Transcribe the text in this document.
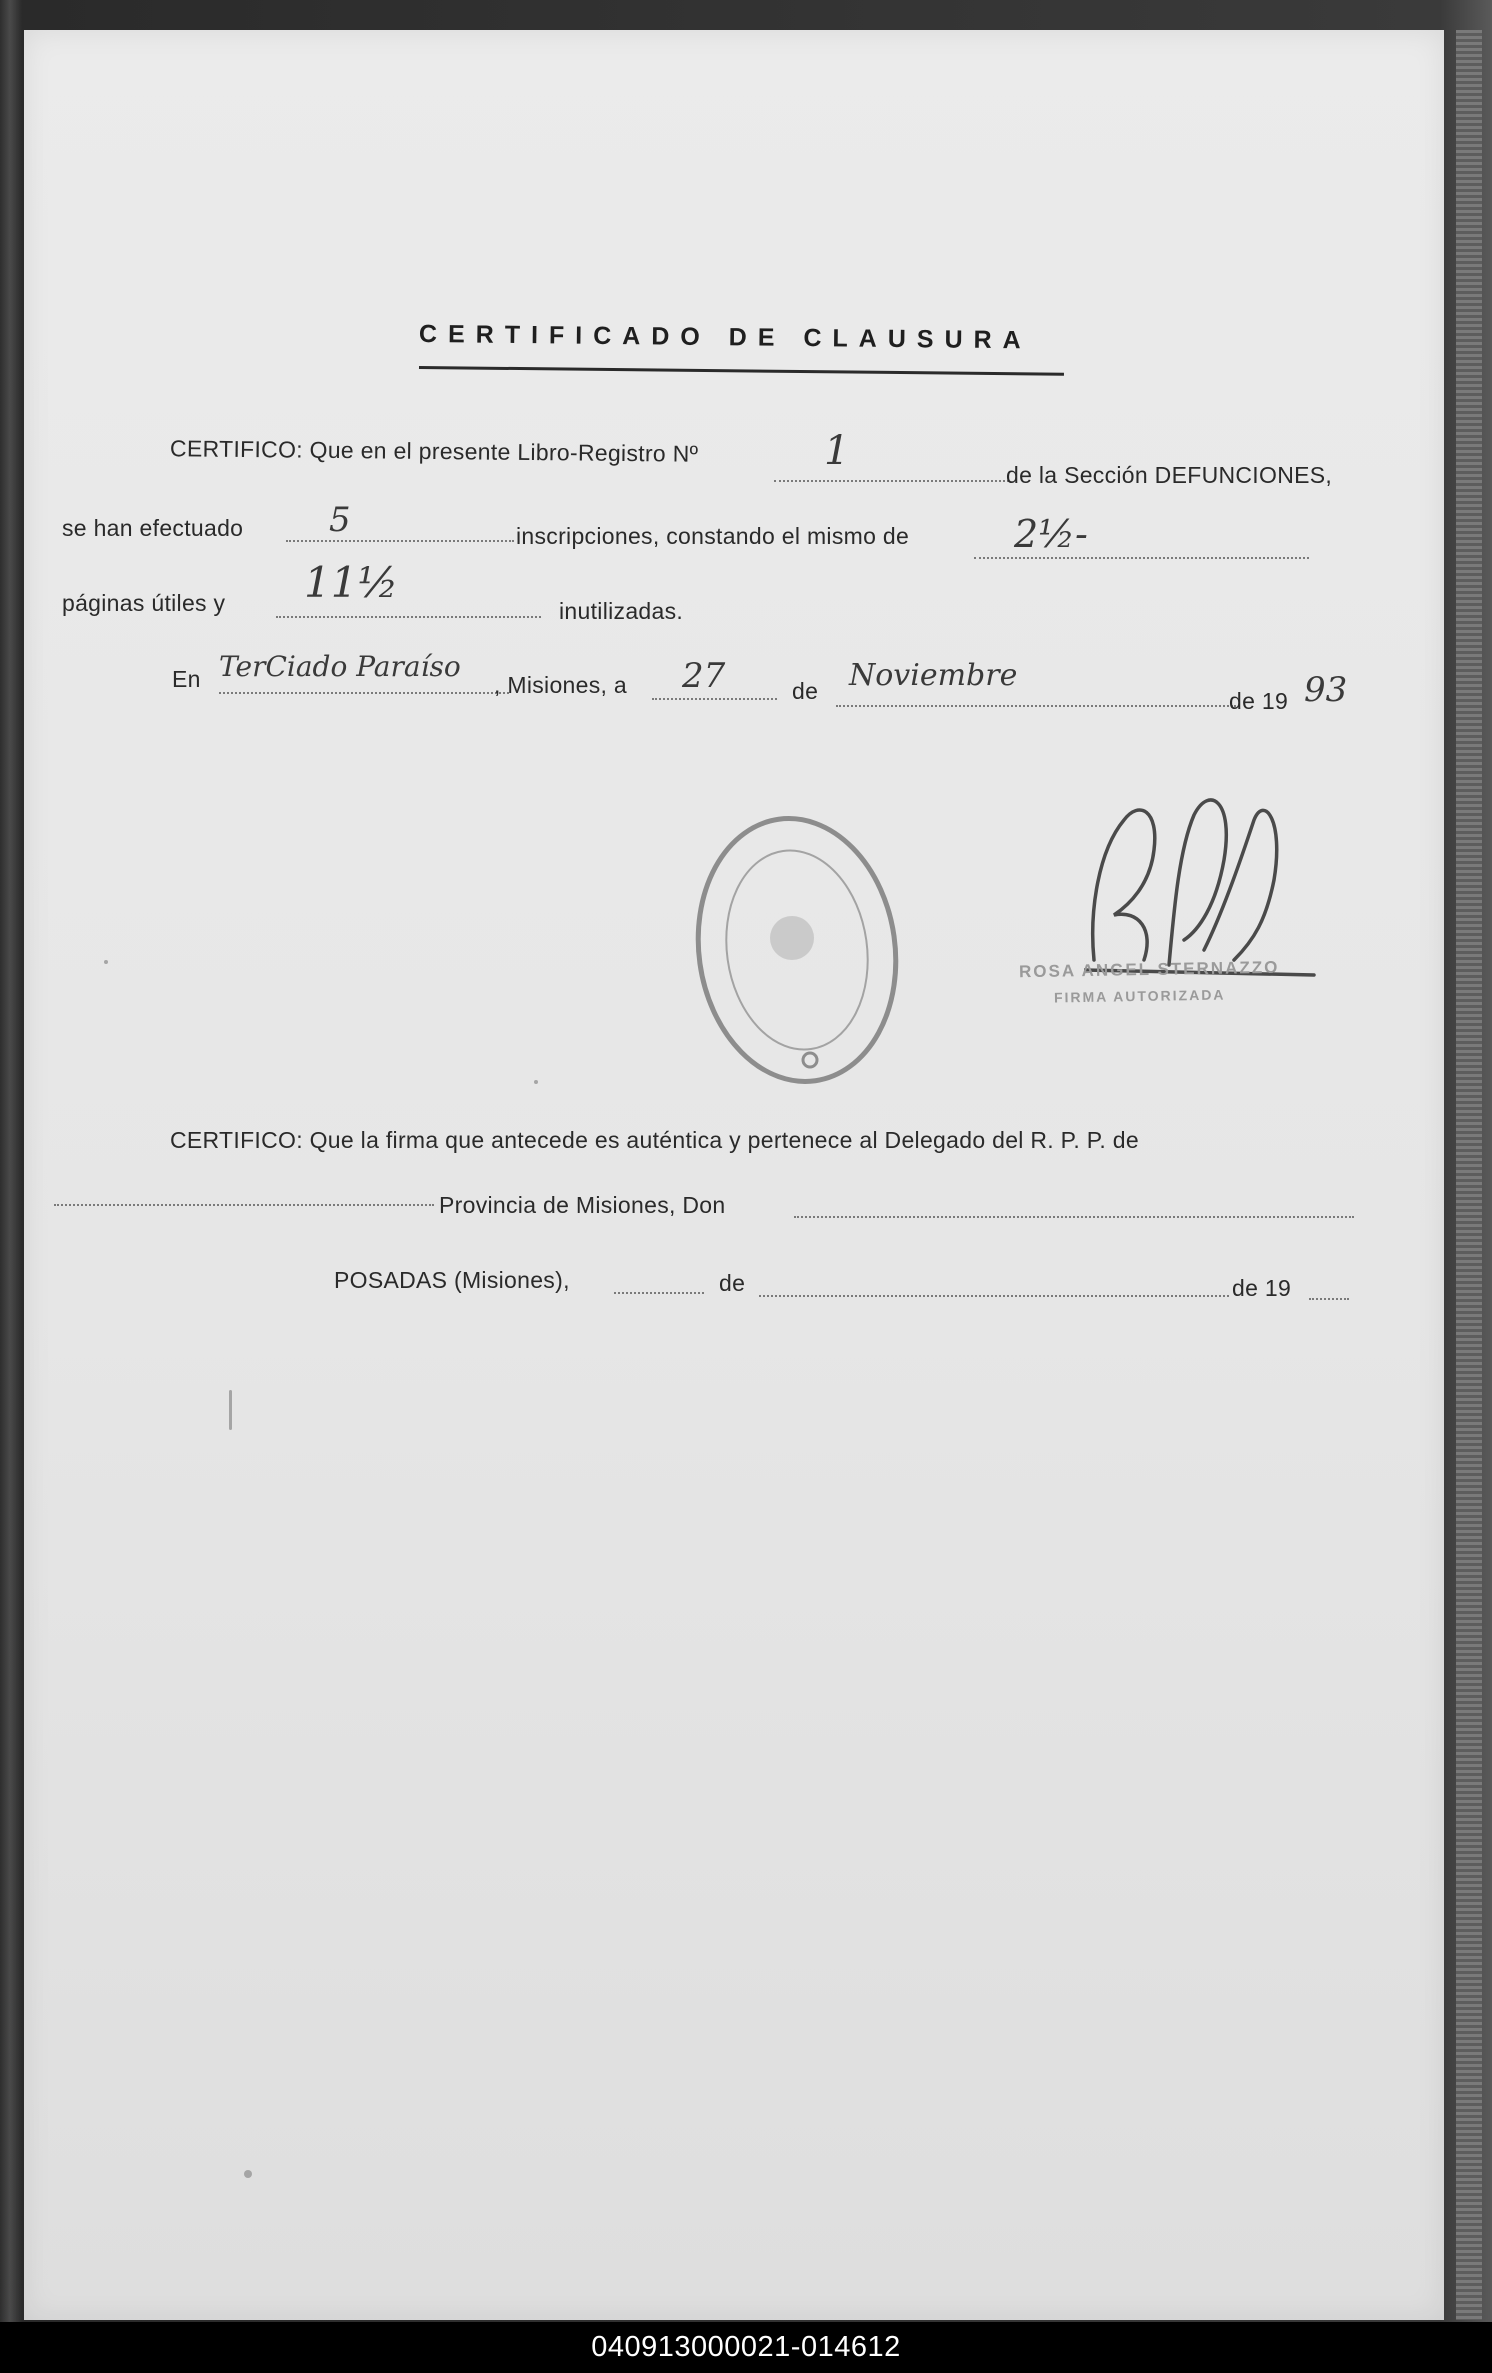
CERTIFICADO DE CLAUSURA
CERTIFICO: Que en el presente Libro-Registro Nº	1
de la Sección DEFUNCIONES,
se han efectuado	5	inscripciones, constando el mismo de	2½-
páginas útiles y 11½
inutilizadas.
En TerCiado Paraíso
, Misiones, a 27	de Noviembre
de 19 93
ROSA ANGEL STERNAZZO
FIRMA AUTORIZADA
CERTIFICO: Que la firma que antecede es auténtica y pertenece al Delegado del R. P. P. de
Provincia de Misiones, Don
POSADAS (Misiones),	de	de 19
040913000021-014612
